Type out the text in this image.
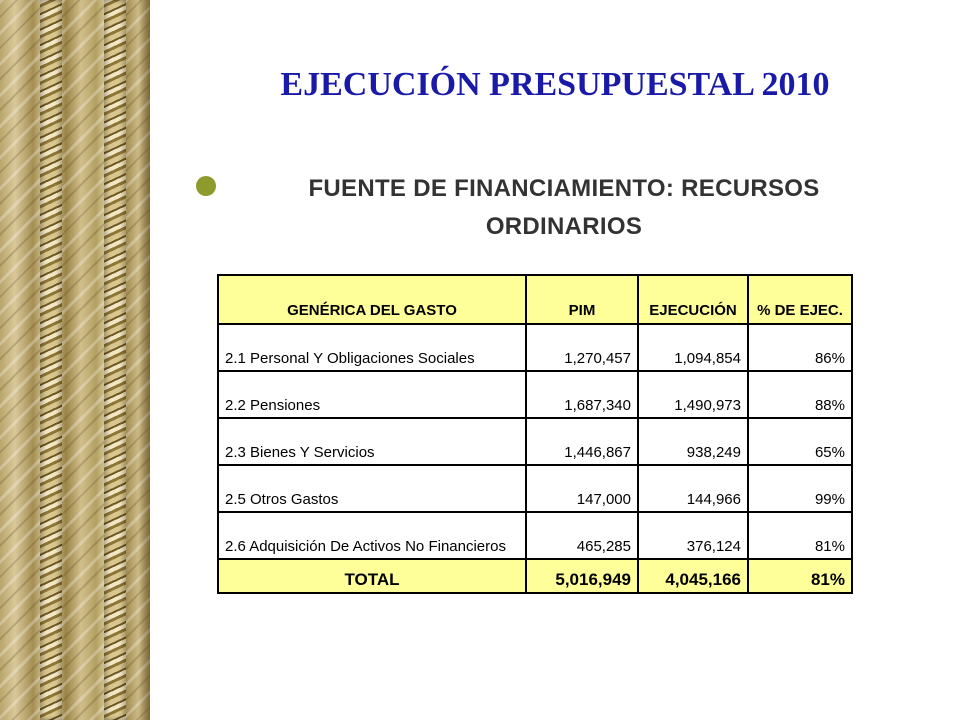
EJECUCIÓN PRESUPUESTAL 2010
FUENTE DE FINANCIAMIENTO: RECURSOS ORDINARIOS
GENÉRICA DEL GASTO	PIM	EJECUCIÓN	% DE EJEC.
2.1 Personal Y Obligaciones Sociales	1,270,457	1,094,854	86%
2.2 Pensiones	1,687,340	1,490,973	88%
2.3 Bienes Y Servicios	1,446,867	938,249	65%
2.5 Otros Gastos	147,000	144,966	99%
2.6 Adquisición De Activos No Financieros	465,285	376,124	81%
TOTAL	5,016,949	4,045,166	81%
